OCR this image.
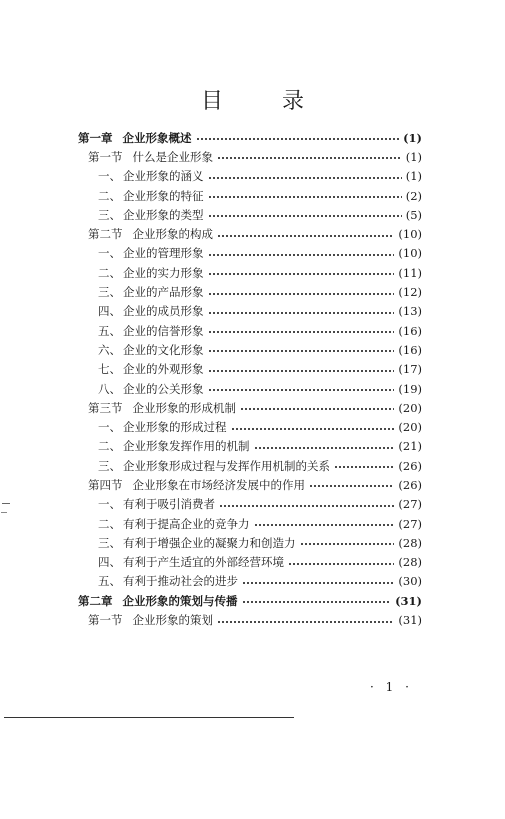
目 录
第一章 企业形象概述	(1)
第一节 什么是企业形象	(1)
一、 企业形象的涵义	(1)
二、 企业形象的特征	(2)
三、 企业形象的类型	(5)
第二节 企业形象的构成	(10)
一、 企业的管理形象	(10)
二、 企业的实力形象	(11)
三、 企业的产品形象	(12)
四、 企业的成员形象	(13)
五、 企业的信誉形象	(16)
六、 企业的文化形象	(16)
七、 企业的外观形象	(17)
八、 企业的公关形象	(19)
第三节 企业形象的形成机制	(20)
一、 企业形象的形成过程	(20)
二、 企业形象发挥作用的机制	(21)
三、 企业形象形成过程与发挥作用机制的关系	(26)
第四节 企业形象在市场经济发展中的作用	(26)
一、 有利于吸引消费者	(27)
二、 有利于提高企业的竞争力	(27)
三、 有利于增强企业的凝聚力和创造力	(28)
四、 有利于产生适宜的外部经营环境	(28)
五、 有利于推动社会的进步	(30)
第二章 企业形象的策划与传播	(31)
第一节 企业形象的策划	(31)
· 1 ·
